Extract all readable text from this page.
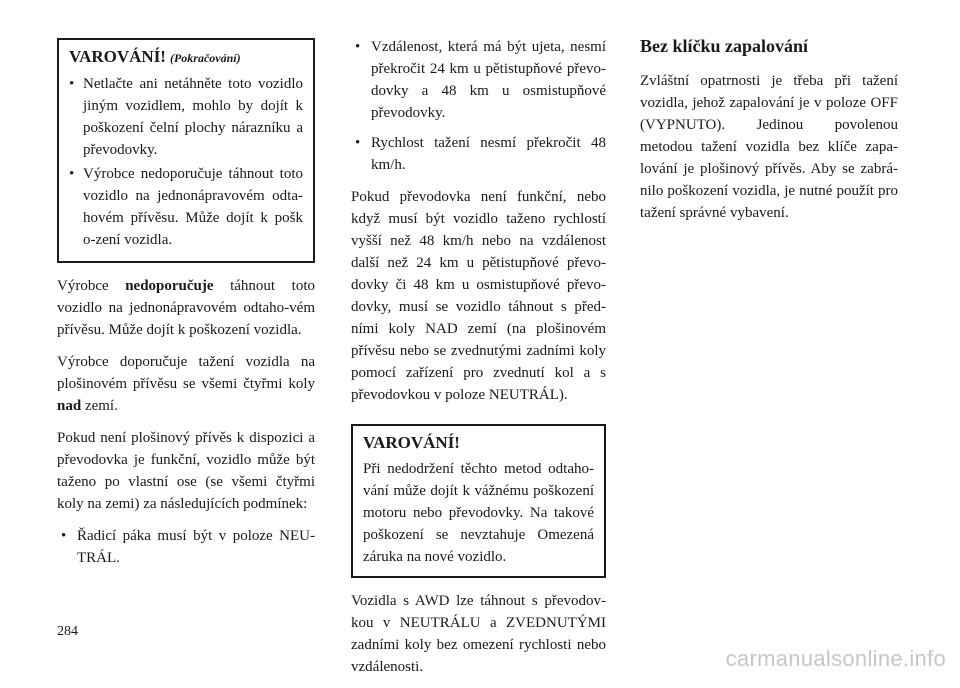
VAROVÁNÍ! (Pokračování)
• Netlačte ani netáhněte toto vozidlo jiným vozidlem, mohlo by dojít k poškození čelní plochy nárazníku a převodovky.
• Výrobce nedoporučuje táhnout toto vozidlo na jednonápravovém odta-hovém přívěsu. Může dojít k pošk o-zení vozidla.

Výrobce nedoporučuje táhnout toto vozidlo na jednonápravovém odtaho-vém přívěsu. Může dojít k poškození vozidla.

Výrobce doporučuje tažení vozidla na plošinovém přívěsu se všemi čtyřmi koly nad zemí.

Pokud není plošinový přívěs k dispozici a převodovka je funkční, vozidlo může být taženo po vlastní ose (se všemi čtyřmi koly na zemi) za následujících podmínek:

• Řadicí páka musí být v poloze NEU-TRÁL.
• Vzdálenost, která má být ujeta, nesmí překročit 24 km u pětistupňové převo-dovky a 48 km u osmistupňové převodovky.
• Rychlost tažení nesmí překročit 48 km/h.

Pokud převodovka není funkční, nebo když musí být vozidlo taženo rychlostí vyšší než 48 km/h nebo na vzdálenost další než 24 km u pětistupňové převo-dovky či 48 km u osmistupňové převo-dovky, musí se vozidlo táhnout s před-ními koly NAD zemí (na plošinovém přívěsu nebo se zvednutými zadními koly pomocí zařízení pro zvednutí kol a s převodovkou v poloze NEUTRÁL).

VAROVÁNÍ!

Při nedodržení těchto metod odtaho-vání může dojít k vážnému poškození motoru nebo převodovky. Na takové poškození se nevztahuje Omezená záruka na nové vozidlo.

Vozidla s AWD lze táhnout s převodov-kou v NEUTRÁLU a ZVEDNUTÝMI zadními koly bez omezení rychlosti nebo vzdálenosti.

Bez klíčku zapalování

Zvláštní opatrnosti je třeba při tažení vozidla, jehož zapalování je v poloze OFF (VYPNUTO). Jedinou povolenou metodou tažení vozidla bez klíče zapa-lování je plošinový přívěs. Aby se zabrá-nilo poškození vozidla, je nutné použít pro tažení správné vybavení.

284
carmanualsonline.info
